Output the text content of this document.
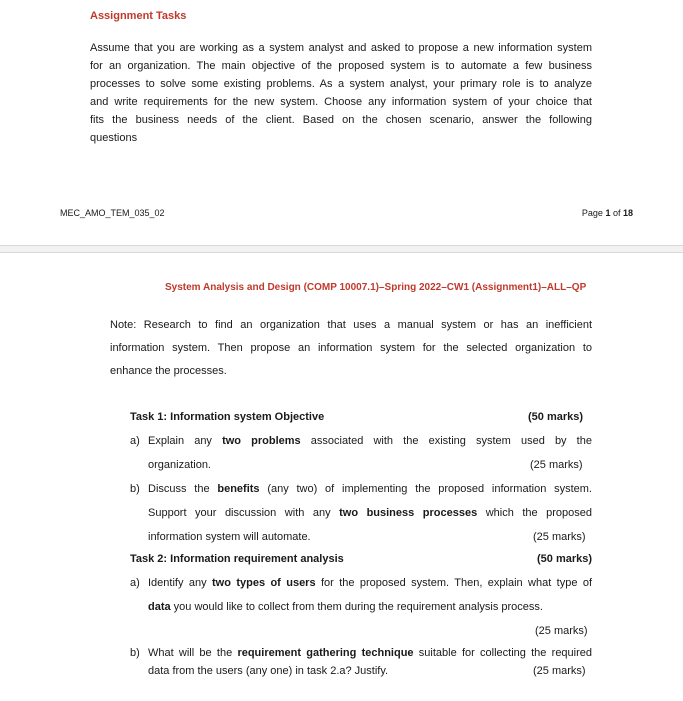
Assignment Tasks
Assume that you are working as a system analyst and asked to propose a new information system
for an organization. The main objective of the proposed system is to automate a few business
processes to solve some existing problems. As a system analyst, your primary role is to analyze
and write requirements for the new system. Choose any information system of your choice that
fits the business needs of the client. Based on the chosen scenario, answer the following
questions
MEC_AMO_TEM_035_02	Page 1 of 18
System Analysis and Design (COMP 10007.1)–Spring 2022–CW1 (Assignment1)–ALL–QP
Note: Research to find an organization that uses a manual system or has an inefficient
information system. Then propose an information system for the selected organization to
enhance the processes.
Task 1: Information system Objective	(50 marks)
a) Explain any two problems associated with the existing system used by the
organization.	(25 marks)
b) Discuss the benefits (any two) of implementing the proposed information system.
Support your discussion with any two business processes which the proposed
information system will automate.	(25 marks)
Task 2: Information requirement analysis	(50 marks)
a) Identify any two types of users for the proposed system. Then, explain what type of
data you would like to collect from them during the requirement analysis process.
(25 marks)
b) What will be the requirement gathering technique suitable for collecting the required
data from the users (any one) in task 2.a? Justify.	(25 marks)
